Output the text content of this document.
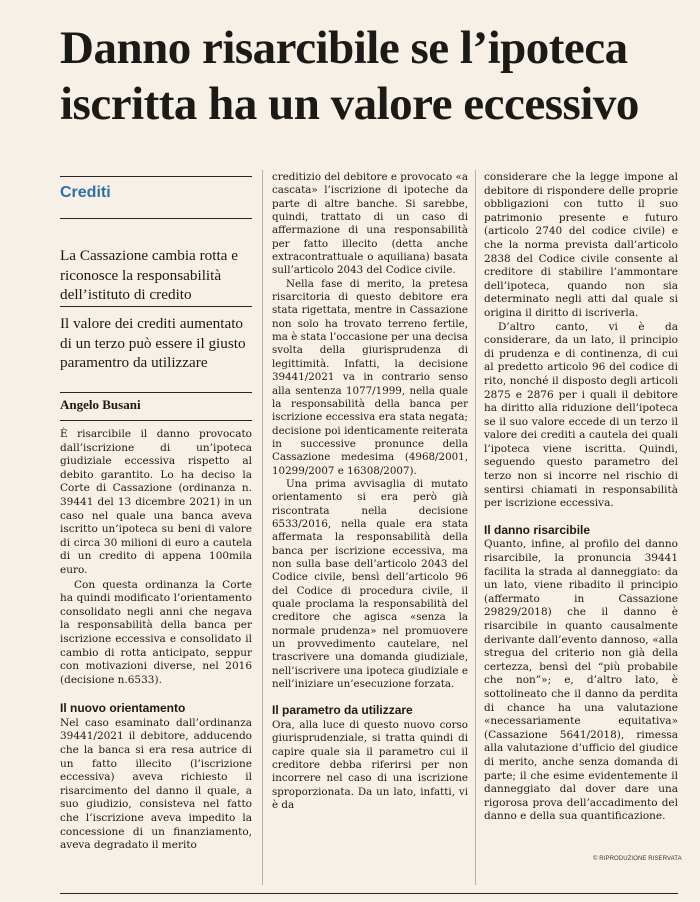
Danno risarcibile se l’ipoteca
iscritta ha un valore eccessivo
Crediti

La Cassazione cambia rotta e riconosce la responsabilità dell’istituto di credito

Il valore dei crediti aumentato di un terzo può essere il giusto paramentro da utilizzare

Angelo Busani

È risarcibile il danno provocato dall’iscrizione di un’ipoteca giudiziale eccessiva rispetto al debito garantito. Lo ha deciso la Corte di Cassazione (ordinanza n. 39441 del 13 dicembre 2021) in un caso nel quale una banca aveva iscritto un’ipoteca su beni di valore di circa 30 milioni di euro a cautela di un credito di appena 100mila euro.

Con questa ordinanza la Corte ha quindi modificato l’orientamento consolidato negli anni che negava la responsabilità della banca per iscrizione eccessiva e consolidato il cambio di rotta anticipato, seppur con motivazioni diverse, nel 2016 (decisione n.6533).

Il nuovo orientamento

Nel caso esaminato dall’ordinanza 39441/2021 il debitore, adducendo che la banca si era resa autrice di un fatto illecito (l’iscrizione eccessiva) aveva richiesto il risarcimento del danno il quale, a suo giudizio, consisteva nel fatto che l’iscrizione aveva impedito la concessione di un finanziamento, aveva degradato il merito

creditizio del debitore e provocato «a cascata» l’iscrizione di ipoteche da parte di altre banche. Si sarebbe, quindi, trattato di un caso di affermazione di una responsabilità per fatto illecito (detta anche extracontrattuale o aquiliana) basata sull’articolo 2043 del Codice civile.

Nella fase di merito, la pretesa risarcitoria di questo debitore era stata rigettata, mentre in Cassazione non solo ha trovato terreno fertile, ma è stata l’occasione per una decisa svolta della giurisprudenza di legittimità. Infatti, la decisione 39441/2021 va in contrario senso alla sentenza 1077/1999, nella quale la responsabilità della banca per iscrizione eccessiva era stata negata; decisione poi identicamente reiterata in successive pronunce della Cassazione medesima (4968/2001, 10299/2007 e 16308/2007).

Una prima avvisaglia di mutato orientamento si era però già riscontrata nella decisione 6533/2016, nella quale era stata affermata la responsabilità della banca per iscrizione eccessiva, ma non sulla base dell’articolo 2043 del Codice civile, bensì dell’articolo 96 del Codice di procedura civile, il quale proclama la responsabilità del creditore che agisca «senza la normale prudenza» nel promuovere un provvedimento cautelare, nel trascrivere una domanda giudiziale, nell’iscrivere una ipoteca giudiziale e nell’iniziare un’esecuzione forzata.

Il parametro da utilizzare

Ora, alla luce di questo nuovo corso giurisprudenziale, si tratta quindi di capire quale sia il parametro cui il creditore debba riferirsi per non incorrere nel caso di una iscrizione sproporzionata. Da un lato, infatti, vi è da

considerare che la legge impone al debitore di rispondere delle proprie obbligazioni con tutto il suo patrimonio presente e futuro (articolo 2740 del codice civile) e che la norma prevista dall’articolo 2838 del Codice civile consente al creditore di stabilire l’ammontare dell’ipoteca, quando non sia determinato negli atti dal quale si origina il diritto di iscriverla.

D’altro canto, vi è da considerare, da un lato, il principio di prudenza e di continenza, di cui al predetto articolo 96 del codice di rito, nonché il disposto degli articoli 2875 e 2876 per i quali il debitore ha diritto alla riduzione dell’ipoteca se il suo valore eccede di un terzo il valore dei crediti a cautela dei quali l’ipoteca viene iscritta. Quindi, seguendo questo parametro del terzo non si incorre nel rischio di sentirsi chiamati in responsabilità per iscrizione eccessiva.

Il danno risarcibile

Quanto, infine, al profilo del danno risarcibile, la pronuncia 39441 facilita la strada al danneggiato: da un lato, viene ribadito il principio (affermato in Cassazione 29829/2018) che il danno è risarcibile in quanto causalmente derivante dall’evento dannoso, «alla stregua del criterio non già della certezza, bensì del “più probabile che non”»; e, d’altro lato, è sottolineato che il danno da perdita di chance ha una valutazione «necessariamente equitativa» (Cassazione 5641/2018), rimessa alla valutazione d’ufficio del giudice di merito, anche senza domanda di parte; il che esime evidentemente il danneggiato dal dover dare una rigorosa prova dell’accadimento del danno e della sua quantificazione.

© RIPRODUZIONE RISERVATA
